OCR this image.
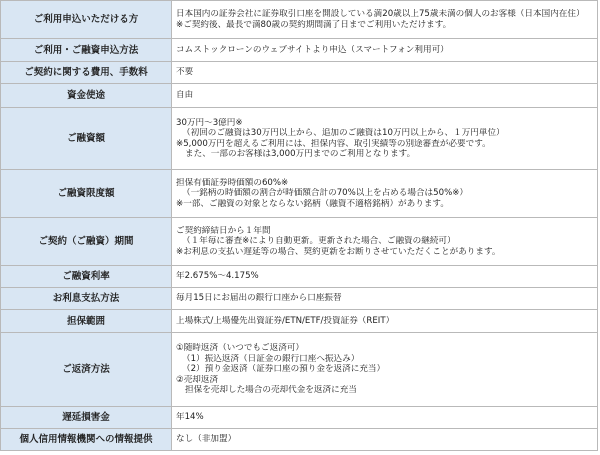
ご利用申込いただける方	日本国内の証券会社に証券取引口座を開設している満20歳以上75歳未満の個人のお客様（日本国内在住）
※ご契約後、最長で満80歳の契約期間満了日までご利用いただけます。

ご利用・ご融資申込方法	コムストックローンのウェブサイトより申込（スマートフォン利用可）

ご契約に関する費用、手数料	不要

資金使途	自由

ご融資額	30万円～3億円※
（初回のご融資は30万円以上から、追加のご融資は10万円以上から、１万円単位）
※5,000万円を超えるご利用には、担保内容、取引実績等の別途審査が必要です。
また、一部のお客様は3,000万円までのご利用となります。

ご融資限度額	担保有価証券時価額の60%※
（一銘柄の時価額の割合が時価額合計の70%以上を占める場合は50%※）
※一部、ご融資の対象とならない銘柄（融資不適格銘柄）があります。

ご契約（ご融資）期間	ご契約締結日から１年間
（１年毎に審査※により自動更新。更新された場合、ご融資の継続可）
※お利息の支払い遅延等の場合、契約更新をお断りさせていただくことがあります。

ご融資利率	年2.675%～4.175%

お利息支払方法	毎月15日にお届出の銀行口座から口座振替

担保範囲	上場株式/上場優先出資証券/ETN/ETF/投資証券（REIT）

ご返済方法	①随時返済（いつでもご返済可）
（1）振込返済（日証金の銀行口座へ振込み）
（2）預り金返済（証券口座の預り金を返済に充当）
②売却返済
担保を売却した場合の売却代金を返済に充当

遅延損害金	年14%

個人信用情報機関への情報提供	なし（非加盟）
